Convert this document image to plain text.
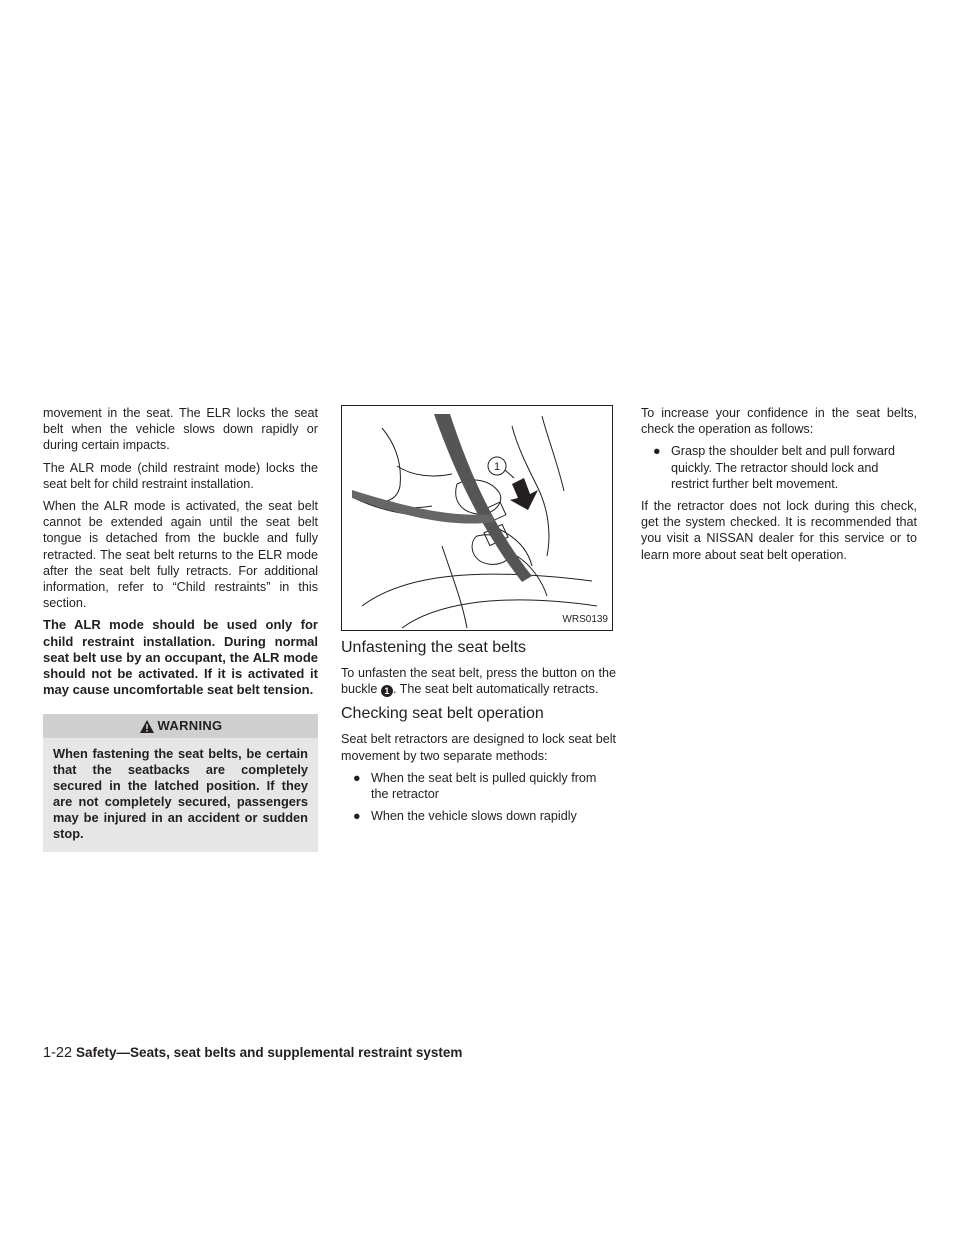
movement in the seat. The ELR locks the seat belt when the vehicle slows down rapidly or during certain impacts.

The ALR mode (child restraint mode) locks the seat belt for child restraint installation.

When the ALR mode is activated, the seat belt cannot be extended again until the seat belt tongue is detached from the buckle and fully retracted. The seat belt returns to the ELR mode after the seat belt fully retracts. For additional information, refer to “Child restraints” in this section.

The ALR mode should be used only for child restraint installation. During normal seat belt use by an occupant, the ALR mode should not be activated. If it is activated it may cause uncomfortable seat belt tension.

WARNING
When fastening the seat belts, be certain that the seatbacks are completely secured in the latched position. If they are not completely secured, passengers may be injured in an accident or sudden stop.
1
WRS0139
Unfastening the seat belts

To unfasten the seat belt, press the button on the buckle 1 . The seat belt automatically retracts.

Checking seat belt operation

Seat belt retractors are designed to lock seat belt movement by two separate methods:

● When the seat belt is pulled quickly from the retractor
● When the vehicle slows down rapidly

To increase your confidence in the seat belts, check the operation as follows:

● Grasp the shoulder belt and pull forward quickly. The retractor should lock and restrict further belt movement.

If the retractor does not lock during this check, get the system checked. It is recommended that you visit a NISSAN dealer for this service or to learn more about seat belt operation.

1-22 Safety—Seats, seat belts and supplemental restraint system
